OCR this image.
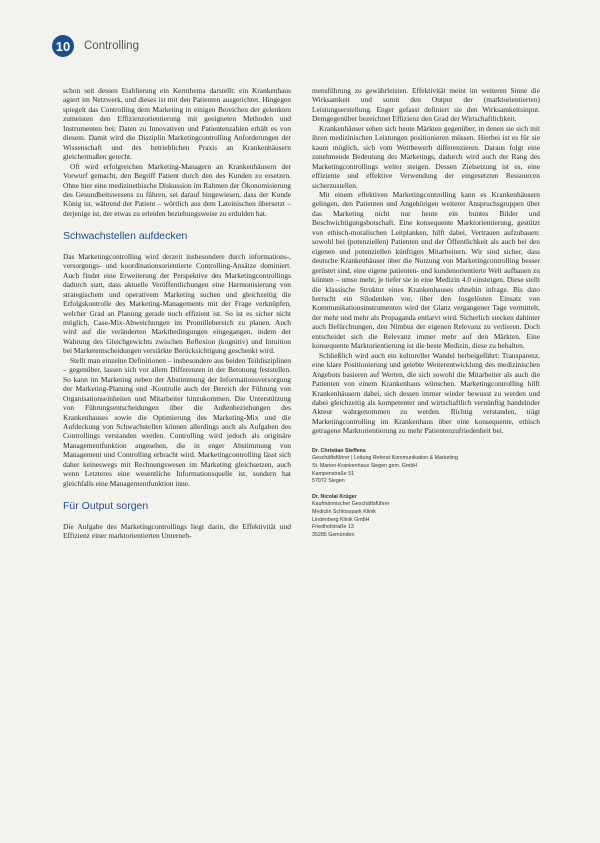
10	Controlling

schon seit dessen Etablierung ein Kernthema darstellt: ein Krankenhaus agiert im Netzwerk, und dieses ist mit den Patienten ausgerichtet. Hingegen spiegelt das Controlling dem Marketing in einigen Bereichen der gelenkten zumeisten den Effizienzorientierung mit geeigneten Methoden und Instrumenten bei; Daten zu Innovativen und Patientenzahlen erhält es von diesem. Damit wird die Disziplin Marketingcontrolling Anforderungen der Wissenschaft und des betrieblichen Praxis an Krankenhäusern gleichermaßen gerecht.

Oft wird erfolgreichen Marketing-Managern an Krankenhäusern der Vorwurf gemacht, den Begriff Patient durch den des Kunden zu ersetzen. Ohne hier eine medizinethische Diskussion im Rahmen der Ökonomisierung des Gesundheitswesens zu führen, sei darauf hingewiesen, dass der Kunde König ist, während der Patient – wörtlich aus dem Lateinischen übersetzt – derjenige ist, der etwas zu erleiden beziehungsweise zu erdulden hat.

Schwachstellen aufdecken

Das Marketingcontrolling wird derzeit insbesondere durch informations-, versorgungs- und koordinationsorientierte Controlling-Ansätze dominiert. Auch findet eine Erweiterung der Perspektive des Marketingcontrollings dadurch statt, dass aktuelle Veröffentlichungen eine Harmonisierung von strategischem und operativem Marketing suchen und gleichzeitig die Erfolgskontrolle des Marketing-Managements mit der Frage verknüpfen, welcher Grad an Planung gerade noch effizient ist. So ist es sicher nicht möglich, Case-Mix-Abweichungen im Promillebereich zu planen. Auch wird auf die veränderten Marktbedingungen eingegangen, indem der Wahrung des Gleichgewichts zwischen Reflexion (kognitiv) und Intuition bei Marketentscheidungen verstärkte Berücksichtigung geschenkt wird.

Stellt man einzelne Definitionen – insbesondere aus beiden Teildisziplinen – gegenüber, lassen sich vor allem Differenzen in der Betonung feststellen. So kann im Marketing neben der Abstimmung der Informationsversorgung der Marketing-Planung und -Kontrolle auch der Bereich der Führung von Organisationseinheiten und Mitarbeiter hinzukommen. Die Unterstützung von Führungsentscheidungen über die Außenbeziehungen des Krankenhauses sowie die Optimierung des Marketing-Mix und die Aufdeckung von Schwachstellen können allerdings auch als Aufgaben des Controllings verstanden werden. Controlling wird jedoch als originäre Managementfunktion angesehen, die in enger Abstimmung von Management und Controlling erbracht wird. Marketingcontrolling lässt sich daher keineswegs mit Rechnungswesen im Marketing gleichsetzen, auch wenn Letzteres eine wesentliche Informationsquelle ist, sondern hat gleichfalls eine Managementfunktion inne.

Für Output sorgen

Die Aufgabe des Marketingcontrollings liegt darin, die Effektivität und Effizienz einer marktorientierten Unterneh-

mensführung zu gewährleisten. Effektivität meint im weiteren Sinne die Wirksamkeit und somit den Output der (marktorientierten) Leistungserstellung. Enger gefasst definiert sie den Wirksamkeitsinput. Demgegenüber bezeichnet Effizienz den Grad der Wirtschaftlichkeit.

Krankenhäuser sehen sich heute Märkten gegenüber, in denen sie sich mit ihren medizinischen Leistungen positionieren müssen. Hierbei ist es für sie kaum möglich, sich vom Wettbewerb differenzieren. Daraus folgt eine zunehmende Bedeutung des Marketings, dadurch wird auch der Rang des Marketingcontrollings weiter steigen. Dessen Zielsetzung ist es, eine effiziente und effektive Verwendung der eingesetzten Ressourcen sicherzustellen.

Mit einem effektiven Marketingcontrolling kann es Krankenhäusern gelingen, den Patienten und Angehörigen weiterer Anspruchsgruppen über das Marketing nicht nur heute ein buntes Bilder und Beschwichtigungsbotschaft. Eine konsequente Marktorientierung, gestützt von ethisch-moralischen Leitplanken, hilft dabei, Vertrauen aufzubauen: sowohl bei (potenziellen) Patienten und der Öffentlichkeit als auch bei den eigenen und potenziellen künftigen Mitarbeitern. Wir sind sicher, dass deutsche Krankenhäuser über die Nutzung von Marketingcontrolling besser gerüstet sind, eine eigene patienten- und kundenorientierte Welt aufbauen zu können – umso mehr, je tiefer sie in eine Medizin 4.0 einsteigen. Diese stellt die klassische Struktur eines Krankenhauses ohnehin infrage. Bis dato herrscht ein Silodenken vor, über den losgelösten Einsatz von Kommunikationsinstrumenten wird der Glanz vergangener Tage vermittelt, der mehr und mehr als Propaganda entlarvt wird. Sicherlich stecken dahinter auch Befürchtungen, den Nimbus der eigenen Relevanz zu verlieren. Doch entscheidet sich die Relevanz immer mehr auf den Märkten. Eine konsequente Marktorientierung ist die beste Medizin, diese zu behalten.

Schließlich wird auch ein kultureller Wandel herbeigeführt: Transparenz, eine klare Positionierung und gelebte Weiterentwicklung des medizinischen Angebots basieren auf Werten, die sich sowohl die Mitarbeiter als auch die Patienten von einem Krankenhaus wünschen. Marketingcontrolling hilft Krankenhäusern dabei, sich dessen immer wieder bewusst zu werden und dabei gleichzeitig als kompetenter und wirtschaftlich vernünftig handelnder Akteur wahrgenommen zu werden. Richtig verstanden, trägt Marketingcontrolling im Krankenhaus über eine konsequente, ethisch getragene Marktorientierung zu mehr Patientenzufriedenheit bei.

Dr. Christian Steffens
Geschäftsführer | Leitung Referat Kommunikation & Marketing
St. Marien-Krankenhaus Siegen gem. GmbH
Kampenstraße 51
57072 Siegen
Dr. Nicolai Krüger
Kaufmännischer Geschäftsführer
Mediclin Schlosspark Klinik
Lindenberg Klinik GmbH
Friedhofstraße 13
35285 Gemünden
